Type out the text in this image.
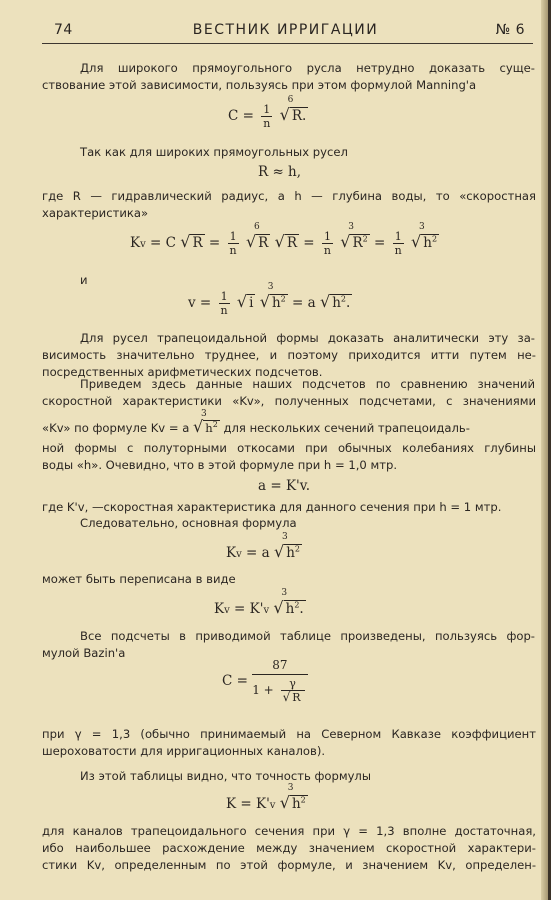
74	ВЕСТНИК ИРРИГАЦИИ	№ 6
Для широкого прямоугольного русла нетрудно доказать суще-
ствование этой зависимости, пользуясь при этом формулой Manning'а
$C = \frac{1}{n}$

6
√ R.
Так как для широких прямоугольных русел
R ≈ h,
где R — гидравлический радиус, а h — глубина воды, то «скоростная
характеристика»
Kv = C √ $R = \frac{1}{n}$

6
√ R √ $R = \frac{1}{n}$

3
√ $R^2 = \frac{1}{n}$

3
√ $h^2$
и
$v = \frac{1}{n}$ √ i
3
√ $h^2 = a$ √ $h^2$.
Для русел трапецоидальной формы доказать аналитически эту за-
висимость значительно труднее, и поэтому приходится итти путем не-
посредственных арифметических подсчетов.
Приведем здесь данные наших подсчетов по сравнению значений
скоростной характеристики «Kv», полученных подсчетами, с значениями
«Kv» по формуле Kv = a
3
√ $h^2$ для нескольких сечений трапецоидаль-
ной формы с полуторными откосами при обычных колебаниях глубины
воды «h». Очевидно, что в этой формуле при h = 1,0 мтр.
a = K'v.
где K'v, —скоростная характеристика для данного сечения при h = 1 мтр.
Следовательно, основная формула
Kv = a
3
√ $h^2$
может быть переписана в виде
Kv = K'v
3
√ $h^2$.
Все подсчеты в приводимой таблице произведены, пользуясь фор-
мулой Bazin'а
$C = \frac{87}{1 + \frac{\gamma}{√ R}}$
при γ = 1,3 (обычно принимаемый на Северном Кавказе коэффициент
шероховатости для ирригационных каналов).
Из этой таблицы видно, что точность формулы
K = K'v
3
√ $h^2$
для каналов трапецоидального сечения при γ = 1,3 вполне достаточная,
ибо наибольшее расхождение между значением скоростной характери-
стики Kv, определенным по этой формуле, и значением Kv, определен-
